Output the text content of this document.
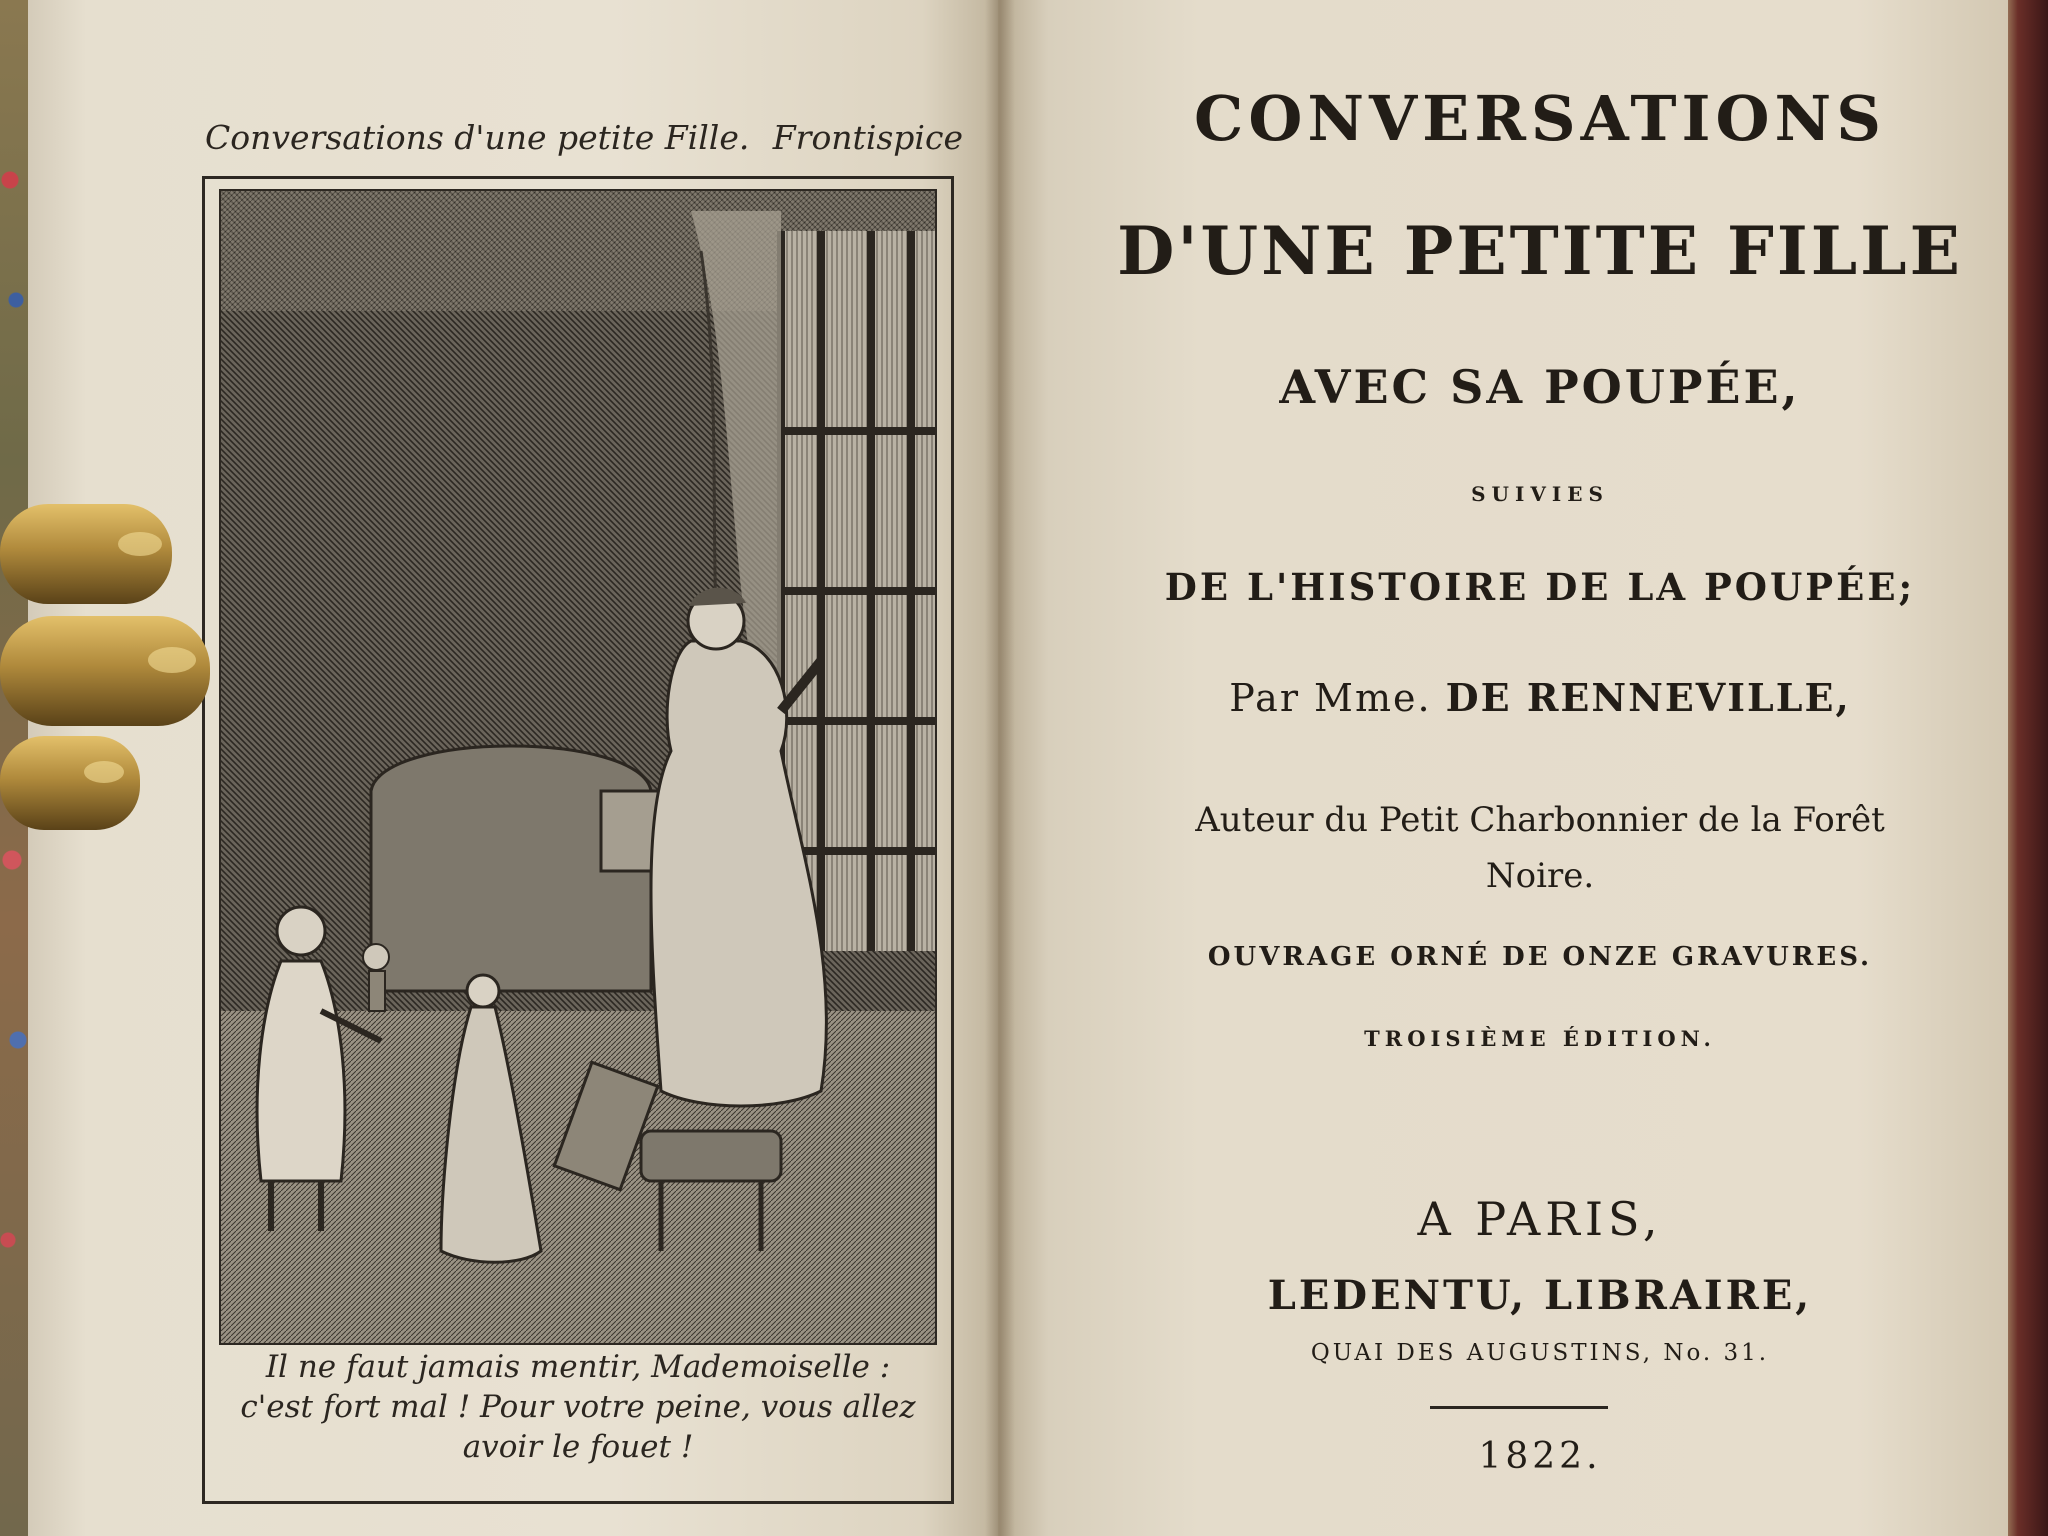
Conversations d'une petite Fille. Frontispice
Il ne faut jamais mentir, Mademoiselle :
c'est fort mal ! Pour votre peine, vous allez
avoir le fouet !
CONVERSATIONS
D'UNE PETITE FILLE
AVEC SA POUPÉE,
SUIVIES
DE L'HISTOIRE DE LA POUPÉE;
Par Mme. DE RENNEVILLE,
Auteur du Petit Charbonnier de la Forêt
Noire.
OUVRAGE ORNÉ DE ONZE GRAVURES.
TROISIÈME ÉDITION.
A PARIS,
LEDENTU, LIBRAIRE,
QUAI DES AUGUSTINS, No. 31.
1822.
